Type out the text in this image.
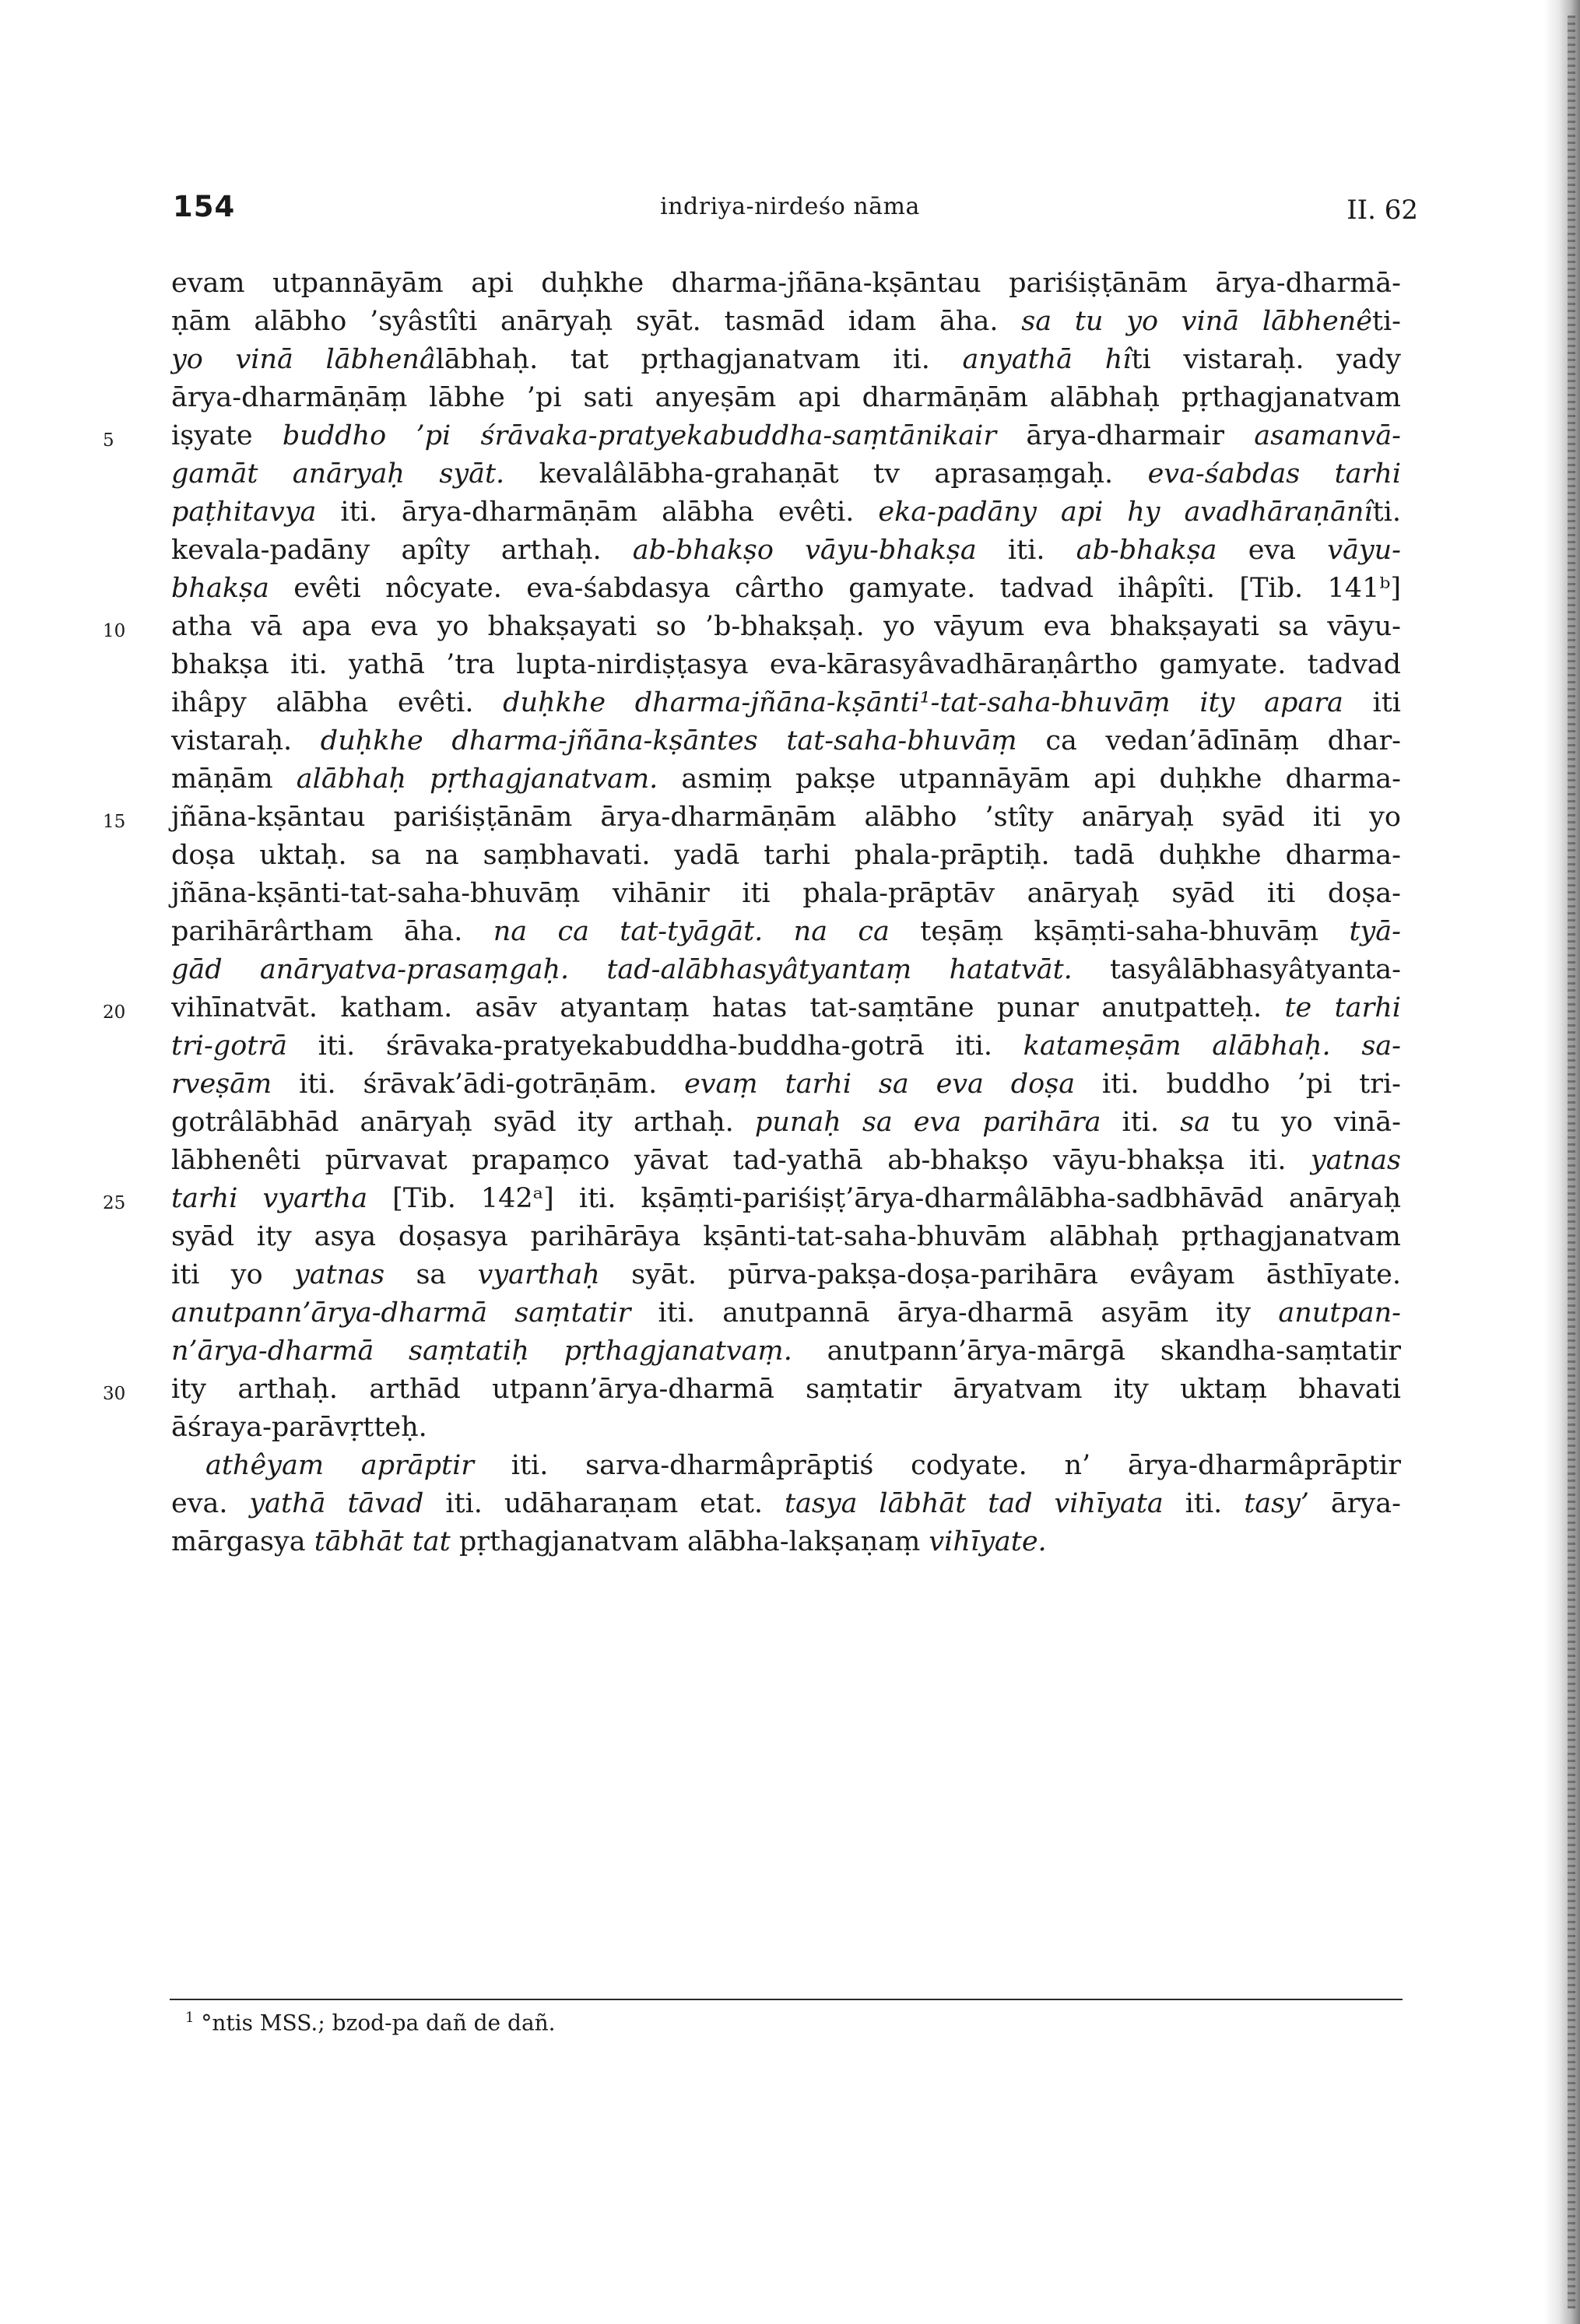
154	indriya-nirdeśo nāma	II. 62
evam utpannāyām api duḥkhe dharma-jñāna-kṣāntau pariśiṣṭānām ārya-dharmā-
ṇām alābho ’syâstîti anāryaḥ syāt. tasmād idam āha. sa tu yo vinā lābhenêti-
yo vinā lābhenâlābhaḥ. tat pṛthagjanatvam iti. anyathā hîti vistaraḥ. yady
ārya-dharmāṇāṃ lābhe ’pi sati anyeṣām api dharmāṇām alābhaḥ pṛthagjanatvam
5	iṣyate buddho ’pi śrāvaka-pratyekabuddha-saṃtānikair ārya-dharmair asamanvā-
gamāt anāryaḥ syāt. kevalâlābha-grahaṇāt tv aprasaṃgaḥ. eva-śabdas tarhi
paṭhitavya iti. ārya-dharmāṇām alābha evêti. eka-padāny api hy avadhāraṇānîti.
kevala-padāny apîty arthaḥ. ab-bhakṣo vāyu-bhakṣa iti. ab-bhakṣa eva vāyu-
bhakṣa evêti nôcyate. eva-śabdasya cârtho gamyate. tadvad ihâpîti. [Tib. 141ᵇ]
10	atha vā apa eva yo bhakṣayati so ’b-bhakṣaḥ. yo vāyum eva bhakṣayati sa vāyu-
bhakṣa iti. yathā ’tra lupta-nirdiṣṭasya eva-kārasyâvadhāraṇârtho gamyate. tadvad
ihâpy alābha evêti. duḥkhe dharma-jñāna-kṣānti¹-tat-saha-bhuvāṃ ity apara iti
vistaraḥ. duḥkhe dharma-jñāna-kṣāntes tat-saha-bhuvāṃ ca vedan’ādīnāṃ dhar-
māṇām alābhaḥ pṛthagjanatvam. asmiṃ pakṣe utpannāyām api duḥkhe dharma-
15	jñāna-kṣāntau pariśiṣṭānām ārya-dharmāṇām alābho ’stîty anāryaḥ syād iti yo
doṣa uktaḥ. sa na saṃbhavati. yadā tarhi phala-prāptiḥ. tadā duḥkhe dharma-
jñāna-kṣānti-tat-saha-bhuvāṃ vihānir iti phala-prāptāv anāryaḥ syād iti doṣa-
parihārârtham āha. na ca tat-tyāgāt. na ca teṣāṃ kṣāṃti-saha-bhuvāṃ tyā-
gād anāryatva-prasaṃgaḥ. tad-alābhasyâtyantaṃ hatatvāt. tasyâlābhasyâtyanta-
20	vihīnatvāt. katham. asāv atyantaṃ hatas tat-saṃtāne punar anutpatteḥ. te tarhi
tri-gotrā iti. śrāvaka-pratyekabuddha-buddha-gotrā iti. katameṣām alābhaḥ. sa-
rveṣām iti. śrāvak’ādi-gotrāṇām. evaṃ tarhi sa eva doṣa iti. buddho ’pi tri-
gotrâlābhād anāryaḥ syād ity arthaḥ. punaḥ sa eva parihāra iti. sa tu yo vinā-
lābhenêti pūrvavat prapaṃco yāvat tad-yathā ab-bhakṣo vāyu-bhakṣa iti. yatnas
25	tarhi vyartha [Tib. 142ᵃ] iti. kṣāṃti-pariśiṣṭ’ārya-dharmâlābha-sadbhāvād anāryaḥ
syād ity asya doṣasya parihārāya kṣānti-tat-saha-bhuvām alābhaḥ pṛthagjanatvam
iti yo yatnas sa vyarthaḥ syāt. pūrva-pakṣa-doṣa-parihāra evâyam āsthīyate.
anutpann’ārya-dharmā saṃtatir iti. anutpannā ārya-dharmā asyām ity anutpan-
n’ārya-dharmā saṃtatiḥ pṛthagjanatvaṃ. anutpann’ārya-mārgā skandha-saṃtatir
30	ity arthaḥ. arthād utpann’ārya-dharmā saṃtatir āryatvam ity uktaṃ bhavati
āśraya-parāvṛtteḥ.
athêyam aprāptir iti. sarva-dharmâprāptiś codyate. n’ ārya-dharmâprāptir
eva. yathā tāvad iti. udāharaṇam etat. tasya lābhāt tad vihīyata iti. tasy’ ārya-
mārgasya tābhāt tat pṛthagjanatvam alābha-lakṣaṇaṃ vihīyate.
$^1$ °ntis MSS.; bzod-pa dañ de dañ.
